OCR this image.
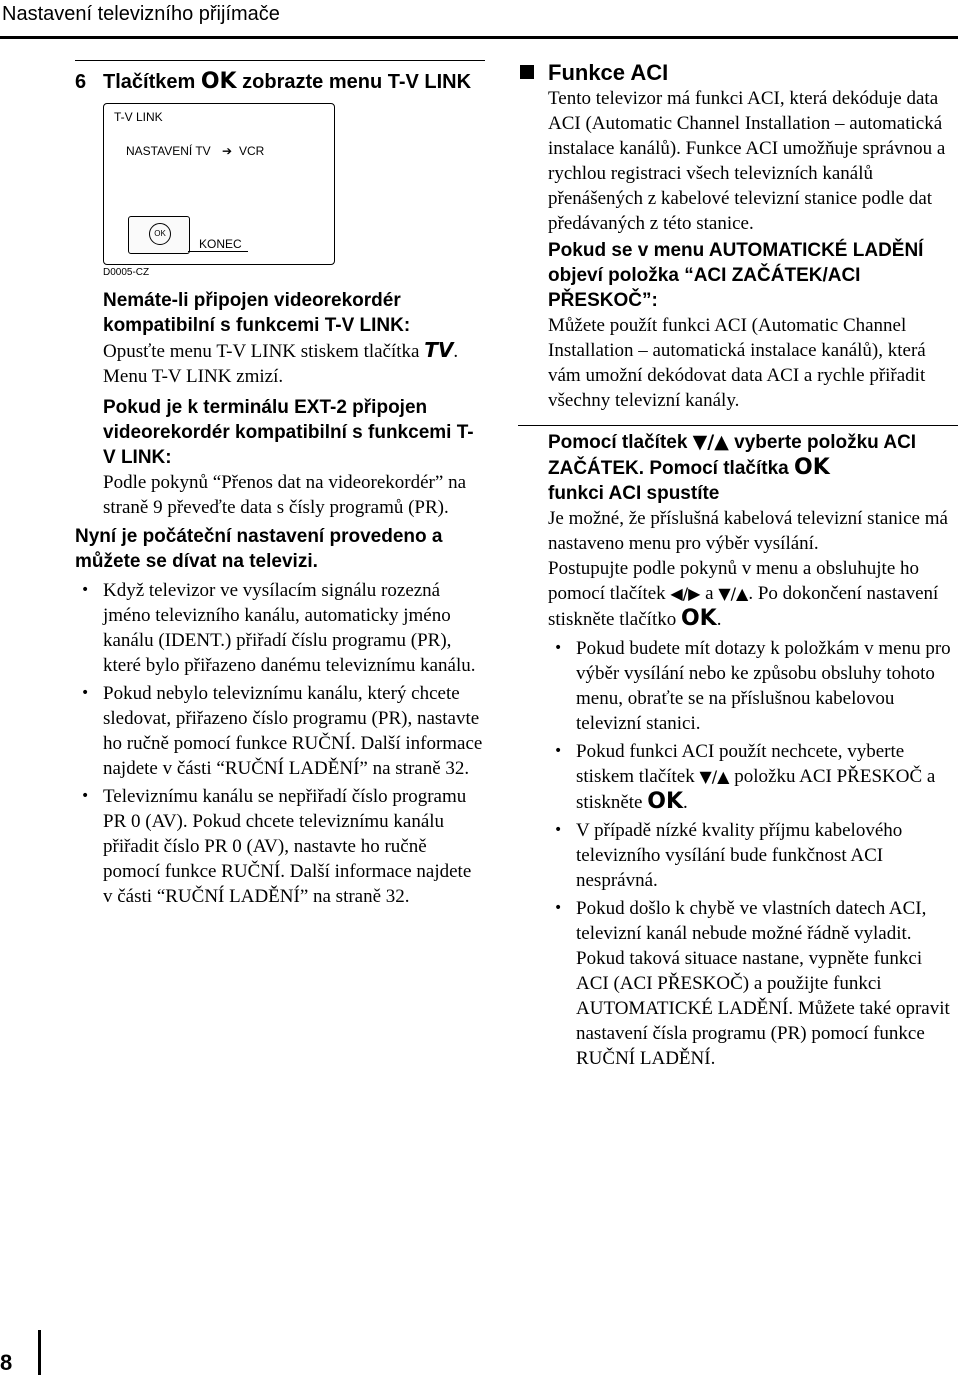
Nastavení televizního přijímače
6 Tlačítkem OK zobrazte menu T-V LINK
T-V LINK
NASTAVENÍ TV ➔ VCR
OK
KONEC
D0005-CZ
Nemáte-li připojen videorekordér kompatibilní s funkcemi T-V LINK:
Opusťte menu T-V LINK stiskem tlačítka TV.
Menu T-V LINK zmizí.
Pokud je k terminálu EXT-2 připojen videorekordér kompatibilní s funkcemi T-V LINK:
Podle pokynů “Přenos dat na videorekordér” na straně 9 převeďte data s čísly programů (PR).
Nyní je počáteční nastavení provedeno a můžete se dívat na televizi.
• Když televizor ve vysílacím signálu rozezná jméno televizního kanálu, automaticky jméno kanálu (IDENT.) přiřadí číslu programu (PR), které bylo přiřazeno danému televiznímu kanálu.
• Pokud nebylo televiznímu kanálu, který chcete sledovat, přiřazeno číslo programu (PR), nastavte ho ručně pomocí funkce RUČNÍ. Další informace najdete v části “RUČNÍ LADĚNÍ” na straně 32.
• Televiznímu kanálu se nepřiřadí číslo programu PR 0 (AV). Pokud chcete televiznímu kanálu přiřadit číslo PR 0 (AV), nastavte ho ručně pomocí funkce RUČNÍ. Další informace najdete v části “RUČNÍ LADĚNÍ” na straně 32.
Funkce ACI
Tento televizor má funkci ACI, která dekóduje data ACI (Automatic Channel Installation – automatická instalace kanálů). Funkce ACI umožňuje správnou a rychlou registraci všech televizních kanálů přenášených z kabelové televizní stanice podle dat předávaných z této stanice.
Pokud se v menu AUTOMATICKÉ LADĚNÍ objeví položka “ACI ZAČÁTEK/ACI PŘESKOČ”:
Můžete použít funkci ACI (Automatic Channel Installation – automatická instalace kanálů), která vám umožní dekódovat data ACI a rychle přiřadit všechny televizní kanály.
Pomocí tlačítek ▼/▲ vyberte položku ACI ZAČÁTEK. Pomocí tlačítka OK
funkci ACI spustíte
Je možné, že příslušná kabelová televizní stanice má nastaveno menu pro výběr vysílání.
Postupujte podle pokynů v menu a obsluhujte ho pomocí tlačítek ◀/▶ a ▼/▲. Po dokončení nastavení stiskněte tlačítko OK.
• Pokud budete mít dotazy k položkám v menu pro výběr vysílání nebo ke způsobu obsluhy tohoto menu, obraťte se na příslušnou kabelovou televizní stanici.
• Pokud funkci ACI použít nechcete, vyberte stiskem tlačítek ▼/▲ položku ACI PŘESKOČ a stiskněte OK.
• V případě nízké kvality příjmu kabelového televizního vysílání bude funkčnost ACI nesprávná.
• Pokud došlo k chybě ve vlastních datech ACI, televizní kanál nebude možné řádně vyladit. Pokud taková situace nastane, vypněte funkci ACI (ACI PŘESKOČ) a použijte funkci AUTOMATICKÉ LADĚNÍ. Můžete také opravit nastavení čísla programu (PR) pomocí funkce RUČNÍ LADĚNÍ.
8
